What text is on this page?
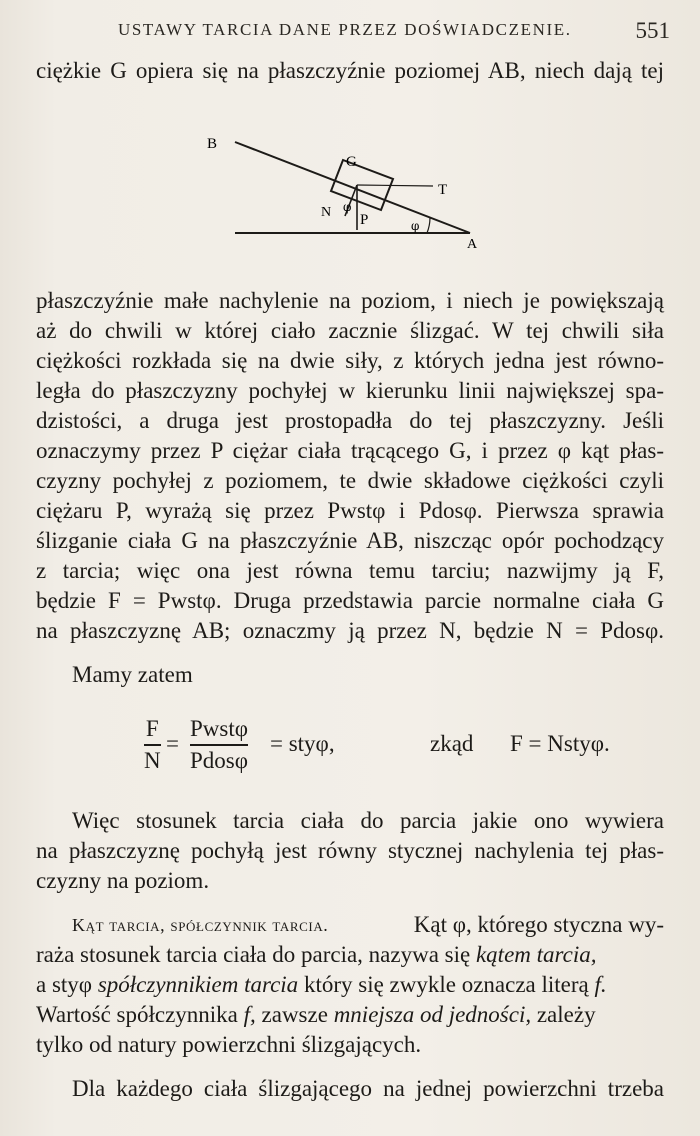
USTAWY TARCIA DANE PRZEZ DOŚWIADCZENIE.	551
ciężkie G opiera się na płaszczyźnie poziomej AB, niech dają tej
B
G
T
N φ
P	φ
A
płaszczyźnie małe nachylenie na poziom, i niech je powiększają
aż do chwili w której ciało zacznie ślizgać. W tej chwili siła
ciężkości rozkłada się na dwie siły, z których jedna jest równo-
legła do płaszczyzny pochyłej w kierunku linii największej spa-
dzistości, a druga jest prostopadła do tej płaszczyzny. Jeśli
oznaczymy przez P ciężar ciała trącącego G, i przez φ kąt płas-
czyzny pochyłej z poziomem, te dwie składowe ciężkości czyli
ciężaru P, wyrażą się przez Pwstφ i Pdosφ. Pierwsza sprawia
ślizganie ciała G na płaszczyźnie AB, niszcząc opór pochodzący
z tarcia; więc ona jest równa temu tarciu; nazwijmy ją F,
będzie F = Pwstφ. Druga przedstawia parcie normalne ciała G
na płaszczyznę AB; oznaczmy ją przez N, będzie N = Pdosφ.
Mamy zatem
F
N
=
Pwstφ
Pdosφ
= styφ,	zkąd F = Nstyφ.
Więc stosunek tarcia ciała do parcia jakie ono wywiera
na płaszczyznę pochyłą jest równy stycznej nachylenia tej płas-
czyzny na poziom.
Kąt tarcia, spółczynnik tarcia.	Kąt φ, którego styczna wy-
raża stosunek tarcia ciała do parcia, nazywa się kątem tarcia,
a styφ spółczynnikiem tarcia który się zwykle oznacza literą f.
Wartość spółczynnika f, zawsze mniejsza od jedności, zależy
tylko od natury powierzchni ślizgających.
Dla każdego ciała ślizgającego na jednej powierzchni trzeba
